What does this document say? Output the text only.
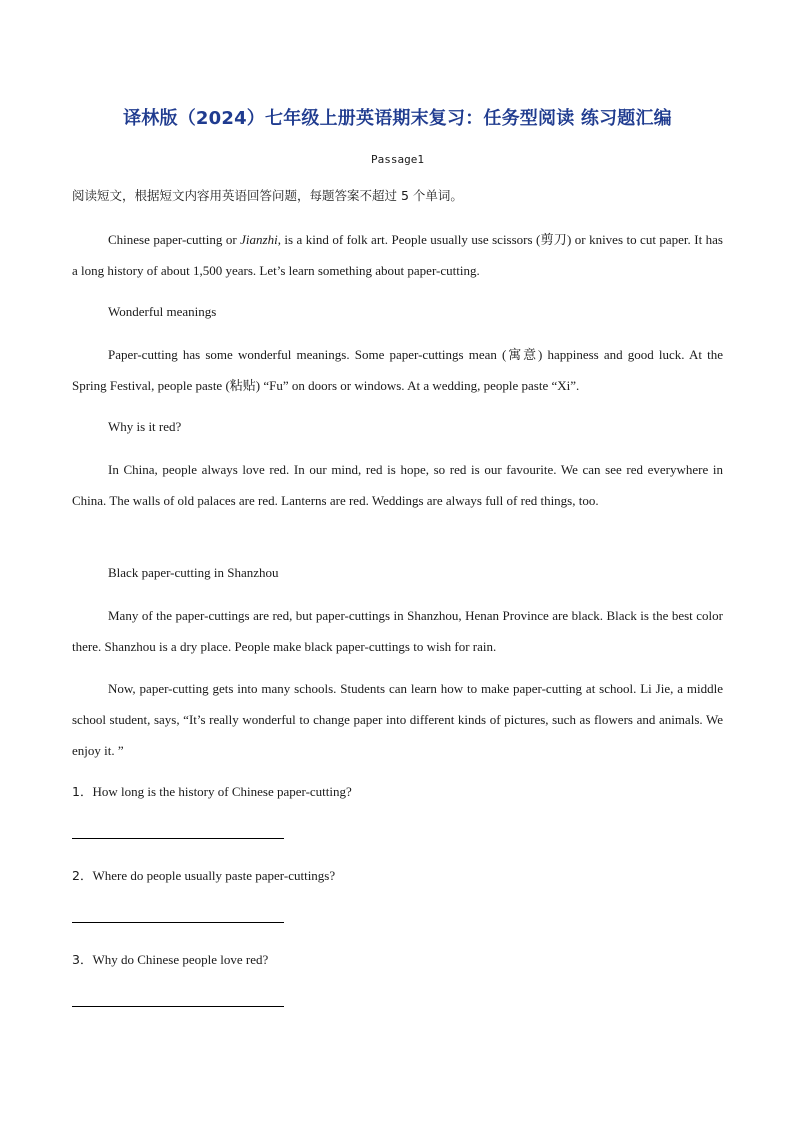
译林版（2024）七年级上册英语期末复习：任务型阅读 练习题汇编
Passage1
阅读短文，根据短文内容用英语回答问题，每题答案不超过 5 个单词。
Chinese paper-cutting or Jianzhi, is a kind of folk art. People usually use scissors (剪刀) or knives to cut paper. It has a long history of about 1,500 years. Let’s learn something about paper-cutting.
Wonderful meanings
Paper-cutting has some wonderful meanings. Some paper-cuttings mean (寓意) happiness and good luck. At the Spring Festival, people paste (粘贴) “Fu” on doors or windows. At a wedding, people paste “Xi”.
Why is it red?
In China, people always love red. In our mind, red is hope, so red is our favourite. We can see red everywhere in China. The walls of old palaces are red. Lanterns are red. Weddings are always full of red things, too.
Black paper-cutting in Shanzhou
Many of the paper-cuttings are red, but paper-cuttings in Shanzhou, Henan Province are black. Black is the best color there. Shanzhou is a dry place. People make black paper-cuttings to wish for rain.
Now, paper-cutting gets into many schools. Students can learn how to make paper-cutting at school. Li Jie, a middle school student, says, “It’s really wonderful to change paper into different kinds of pictures, such as flowers and animals. We enjoy it. ”
1．How long is the history of Chinese paper-cutting?
2．Where do people usually paste paper-cuttings?
3．Why do Chinese people love red?
